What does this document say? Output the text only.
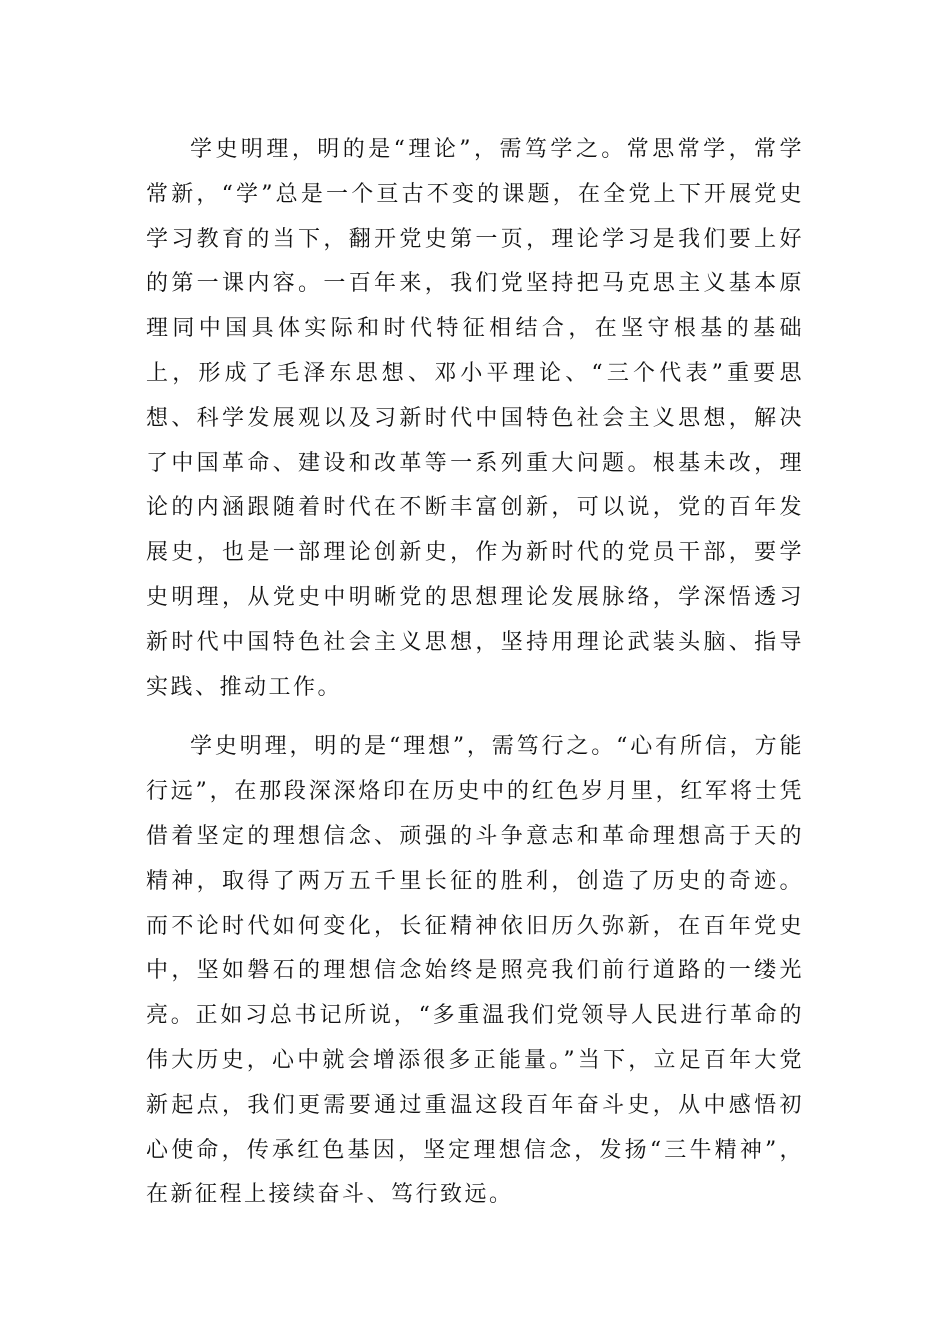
学史明理，明的是“理论”，需笃学之。常思常学，常学常新，“学”总是一个亘古不变的课题，在全党上下开展党史学习教育的当下，翻开党史第一页，理论学习是我们要上好的第一课内容。一百年来，我们党坚持把马克思主义基本原理同中国具体实际和时代特征相结合，在坚守根基的基础上，形成了毛泽东思想、邓小平理论、“三个代表”重要思想、科学发展观以及习新时代中国特色社会主义思想，解决了中国革命、建设和改革等一系列重大问题。根基未改，理论的内涵跟随着时代在不断丰富创新，可以说，党的百年发展史，也是一部理论创新史，作为新时代的党员干部，要学史明理，从党史中明晰党的思想理论发展脉络，学深悟透习新时代中国特色社会主义思想，坚持用理论武装头脑、指导实践、推动工作。

学史明理，明的是“理想”，需笃行之。“心有所信，方能行远”，在那段深深烙印在历史中的红色岁月里，红军将士凭借着坚定的理想信念、顽强的斗争意志和革命理想高于天的精神，取得了两万五千里长征的胜利，创造了历史的奇迹。而不论时代如何变化，长征精神依旧历久弥新，在百年党史中，坚如磐石的理想信念始终是照亮我们前行道路的一缕光亮。正如习总书记所说，“多重温我们党领导人民进行革命的伟大历史，心中就会增添很多正能量。”当下，立足百年大党新起点，我们更需要通过重温这段百年奋斗史，从中感悟初心使命，传承红色基因，坚定理想信念，发扬“三牛精神”，在新征程上接续奋斗、笃行致远。
